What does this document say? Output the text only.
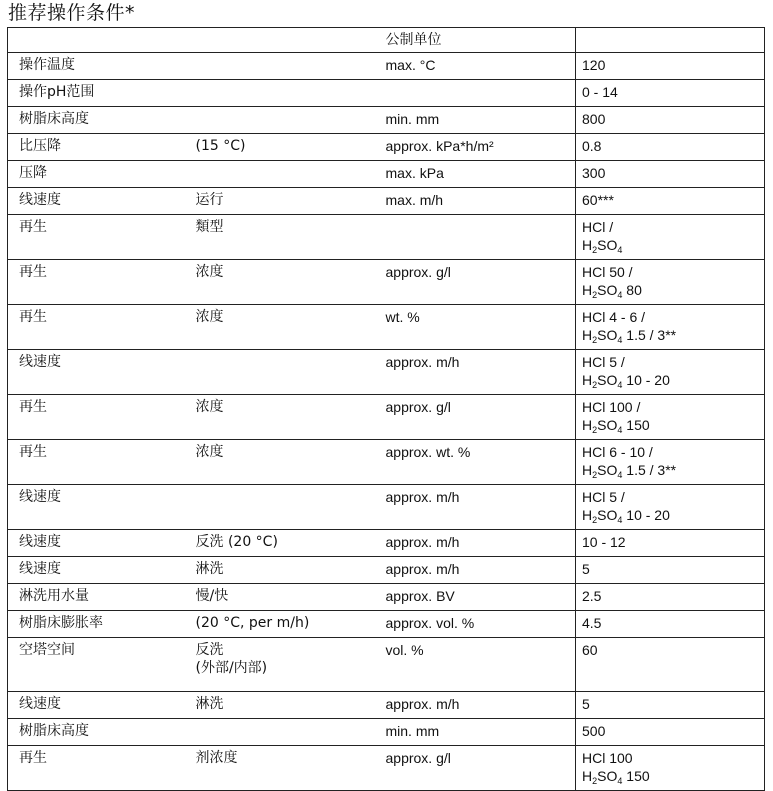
推荐操作条件*
		公制单位	
操作温度		max. °C	120

操作pH范围			0 - 14

树脂床高度		min. mm	800

比压降	(15 °C)	approx. kPa*h/m²	0.8

压降		max. kPa	300

线速度	运行	max. m/h	60***

再生	類型		HCl /
$H_2SO_4$

再生	浓度	approx. g/l	HCl 50 /
$H_2SO_4$ 80

再生	浓度	wt. %	HCl 4 - 6 /
$H_2SO_4$ 1.5 / 3**

线速度		approx. m/h	HCl 5 /
$H_2SO_4$ 10 - 20

再生	浓度	approx. g/l	HCl 100 /
$H_2SO_4$ 150

再生	浓度	approx. wt. %	HCl 6 - 10 /
$H_2SO_4$ 1.5 / 3**

线速度		approx. m/h	HCl 5 /
$H_2SO_4$ 10 - 20

线速度	反洗 (20 °C)	approx. m/h	10 - 12

线速度	淋洗	approx. m/h	5

淋洗用水量	慢/快	approx. BV	2.5

树脂床膨胀率	(20 °C, per m/h)	approx. vol. %	4.5

空塔空间	反洗
(外部/内部)	vol. %	60

线速度	淋洗	approx. m/h	5

树脂床高度		min. mm	500

再生	剂浓度	approx. g/l	HCl 100
$H_2SO_4$ 150
